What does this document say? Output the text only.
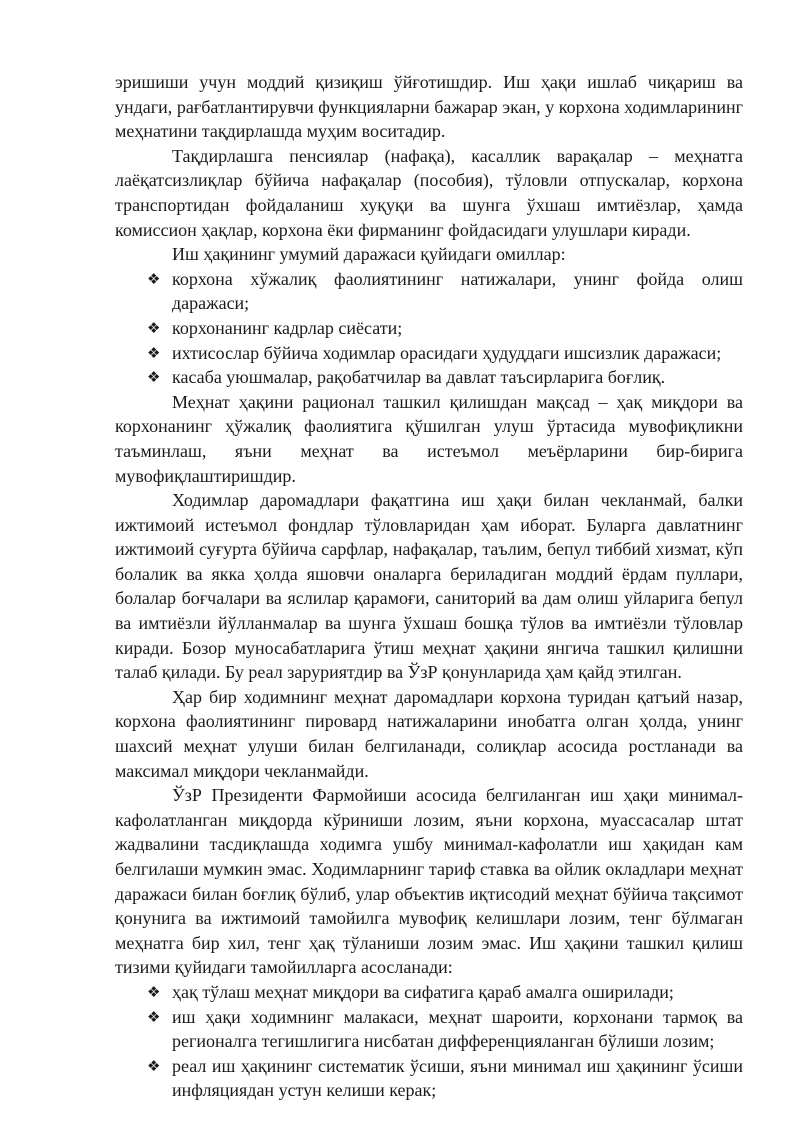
эришиши учун моддий қизиқиш ўйғотишдир. Иш ҳақи ишлаб чиқариш ва ундаги, рағбатлантирувчи функцияларни бажарар экан, у корхона ходимларининг меҳнатини тақдирлашда муҳим воситадир.

Тақдирлашга пенсиялар (нафақа), касаллик варақалар – меҳнатга лаёқатсизлиқлар бўйича нафақалар (пособия), тўловли отпускалар, корхона транспортидан фойдаланиш хуқуқи ва шунга ўхшаш имтиёзлар, ҳамда комиссион ҳақлар, корхона ёки фирманинг фойдасидаги улушлари киради.

Иш ҳақининг умумий даражаси қуйидаги омиллар:

❖ корхона хўжалиқ фаолиятининг натижалари, унинг фойда олиш даражаси;
❖ корхонанинг кадрлар сиёсати;
❖ ихтисослар бўйича ходимлар орасидаги ҳудуддаги ишсизлик даражаси;
❖ касаба уюшмалар, рақобатчилар ва давлат таъсирларига боғлиқ.

Меҳнат ҳақини рационал ташкил қилишдан мақсад – ҳақ миқдори ва корхонанинг ҳўжалиқ фаолиятига қўшилган улуш ўртасида мувофиқликни таъминлаш, яъни меҳнат ва истеъмол меъёрларини бир-бирига мувофиқлаштиришдир.

Ходимлар даромадлари фақатгина иш ҳақи билан чекланмай, балки ижтимоий истеъмол фондлар тўловларидан ҳам иборат. Буларга давлатнинг ижтимоий суғурта бўйича сарфлар, нафақалар, таълим, бепул тиббий хизмат, кўп болалик ва якка ҳолда яшовчи оналарга бериладиган моддий ёрдам пуллари, болалар боғчалари ва яслилар қарамоғи, саниторий ва дам олиш уйларига бепул ва имтиёзли йўлланмалар ва шунга ўхшаш бошқа тўлов ва имтиёзли тўловлар киради. Бозор муносабатларига ўтиш меҳнат ҳақини янгича ташкил қилишни талаб қилади. Бу реал заруриятдир ва ЎзР қонунларида ҳам қайд этилган.

Ҳар бир ходимнинг меҳнат даромадлари корхона туридан қатъий назар, корхона фаолиятининг пировард натижаларини инобатга олган ҳолда, унинг шахсий меҳнат улуши билан белгиланади, солиқлар асосида ростланади ва максимал миқдори чекланмайди.

ЎзР Президенти Фармойиши асосида белгиланган иш ҳақи минимал-кафолатланган миқдорда кўриниши лозим, яъни корхона, муассасалар штат жадвалини тасдиқлашда ходимга ушбу минимал-кафолатли иш ҳақидан кам белгилаши мумкин эмас. Ходимларнинг тариф ставка ва ойлик окладлари меҳнат даражаси билан боғлиқ бўлиб, улар объектив иқтисодий меҳнат бўйича тақсимот қонунига ва ижтимоий тамойилга мувофиқ келишлари лозим, тенг бўлмаган меҳнатга бир хил, тенг ҳақ тўланиши лозим эмас. Иш ҳақини ташкил қилиш тизими қуйидаги тамойилларга асосланади:

❖ ҳақ тўлаш меҳнат миқдори ва сифатига қараб амалга оширилади;
❖ иш ҳақи ходимнинг малакаси, меҳнат шароити, корхонани тармоқ ва регионалга тегишлигига нисбатан дифференцияланган бўлиши лозим;
❖ реал иш ҳақининг систематик ўсиши, яъни минимал иш ҳақининг ўсиши инфляциядан устун келиши керак;
